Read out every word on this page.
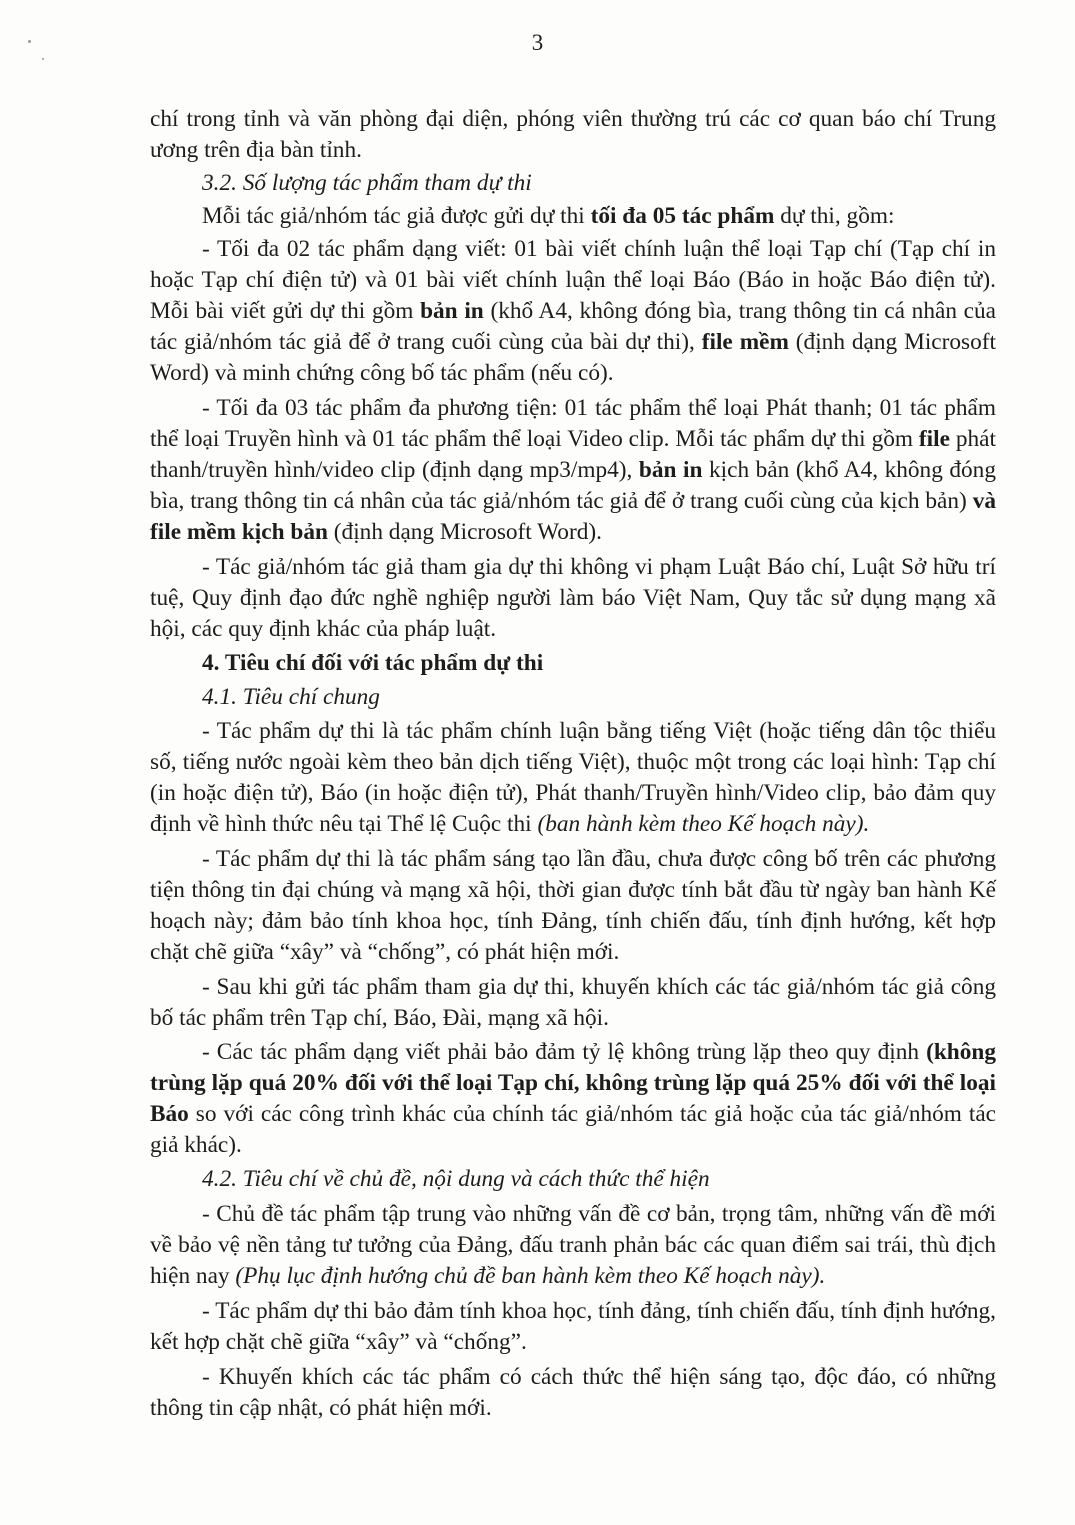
3

chí trong tỉnh và văn phòng đại diện, phóng viên thường trú các cơ quan báo chí Trung ương trên địa bàn tỉnh.

3.2. Số lượng tác phẩm tham dự thi

Mỗi tác giả/nhóm tác giả được gửi dự thi tối đa 05 tác phẩm dự thi, gồm:

- Tối đa 02 tác phẩm dạng viết: 01 bài viết chính luận thể loại Tạp chí (Tạp chí in hoặc Tạp chí điện tử) và 01 bài viết chính luận thể loại Báo (Báo in hoặc Báo điện tử). Mỗi bài viết gửi dự thi gồm bản in (khổ A4, không đóng bìa, trang thông tin cá nhân của tác giả/nhóm tác giả để ở trang cuối cùng của bài dự thi), file mềm (định dạng Microsoft Word) và minh chứng công bố tác phẩm (nếu có).

- Tối đa 03 tác phẩm đa phương tiện: 01 tác phẩm thể loại Phát thanh; 01 tác phẩm thể loại Truyền hình và 01 tác phẩm thể loại Video clip. Mỗi tác phẩm dự thi gồm file phát thanh/truyền hình/video clip (định dạng mp3/mp4), bản in kịch bản (khổ A4, không đóng bìa, trang thông tin cá nhân của tác giả/nhóm tác giả để ở trang cuối cùng của kịch bản) và file mềm kịch bản (định dạng Microsoft Word).

- Tác giả/nhóm tác giả tham gia dự thi không vi phạm Luật Báo chí, Luật Sở hữu trí tuệ, Quy định đạo đức nghề nghiệp người làm báo Việt Nam, Quy tắc sử dụng mạng xã hội, các quy định khác của pháp luật.

4. Tiêu chí đối với tác phẩm dự thi

4.1. Tiêu chí chung

- Tác phẩm dự thi là tác phẩm chính luận bằng tiếng Việt (hoặc tiếng dân tộc thiểu số, tiếng nước ngoài kèm theo bản dịch tiếng Việt), thuộc một trong các loại hình: Tạp chí (in hoặc điện tử), Báo (in hoặc điện tử), Phát thanh/Truyền hình/Video clip, bảo đảm quy định về hình thức nêu tại Thể lệ Cuộc thi (ban hành kèm theo Kế hoạch này).

- Tác phẩm dự thi là tác phẩm sáng tạo lần đầu, chưa được công bố trên các phương tiện thông tin đại chúng và mạng xã hội, thời gian được tính bắt đầu từ ngày ban hành Kế hoạch này; đảm bảo tính khoa học, tính Đảng, tính chiến đấu, tính định hướng, kết hợp chặt chẽ giữa “xây” và “chống”, có phát hiện mới.

- Sau khi gửi tác phẩm tham gia dự thi, khuyến khích các tác giả/nhóm tác giả công bố tác phẩm trên Tạp chí, Báo, Đài, mạng xã hội.

- Các tác phẩm dạng viết phải bảo đảm tỷ lệ không trùng lặp theo quy định (không trùng lặp quá 20% đối với thể loại Tạp chí, không trùng lặp quá 25% đối với thể loại Báo so với các công trình khác của chính tác giả/nhóm tác giả hoặc của tác giả/nhóm tác giả khác).

4.2. Tiêu chí về chủ đề, nội dung và cách thức thể hiện

- Chủ đề tác phẩm tập trung vào những vấn đề cơ bản, trọng tâm, những vấn đề mới về bảo vệ nền tảng tư tưởng của Đảng, đấu tranh phản bác các quan điểm sai trái, thù địch hiện nay (Phụ lục định hướng chủ đề ban hành kèm theo Kế hoạch này).

- Tác phẩm dự thi bảo đảm tính khoa học, tính đảng, tính chiến đấu, tính định hướng, kết hợp chặt chẽ giữa “xây” và “chống”.

- Khuyến khích các tác phẩm có cách thức thể hiện sáng tạo, độc đáo, có những thông tin cập nhật, có phát hiện mới.
